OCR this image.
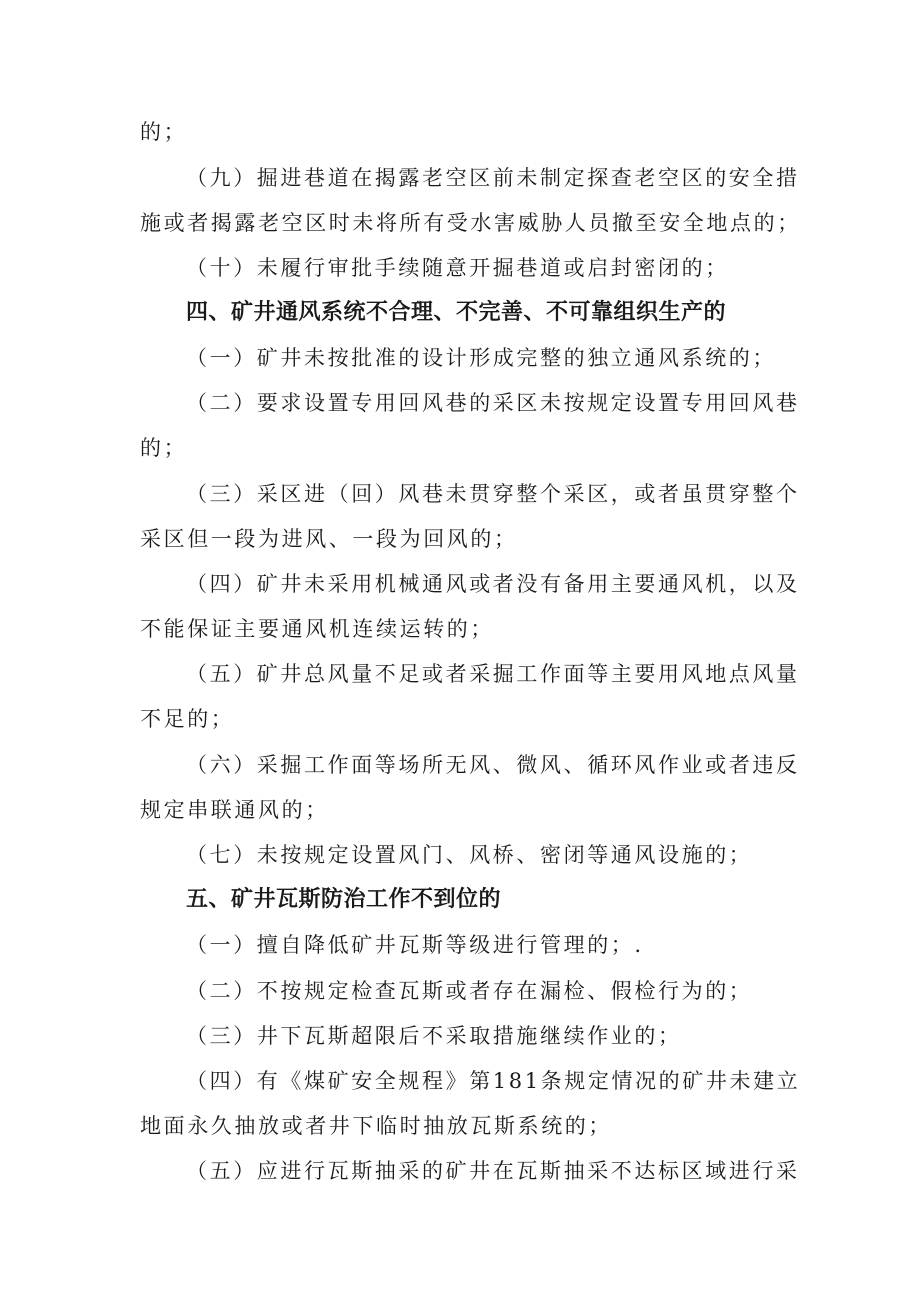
的；
（九）掘进巷道在揭露老空区前未制定探查老空区的安全措
施或者揭露老空区时未将所有受水害威胁人员撤至安全地点的；
（十）未履行审批手续随意开掘巷道或启封密闭的；
四、矿井通风系统不合理、不完善、不可靠组织生产的
（一）矿井未按批准的设计形成完整的独立通风系统的；
（二）要求设置专用回风巷的采区未按规定设置专用回风巷
的；
（三）采区进（回）风巷未贯穿整个采区，或者虽贯穿整个
采区但一段为进风、一段为回风的；
（四）矿井未采用机械通风或者没有备用主要通风机，以及
不能保证主要通风机连续运转的；
（五）矿井总风量不足或者采掘工作面等主要用风地点风量
不足的；
（六）采掘工作面等场所无风、微风、循环风作业或者违反
规定串联通风的；
（七）未按规定设置风门、风桥、密闭等通风设施的；
五、矿井瓦斯防治工作不到位的
（一）擅自降低矿井瓦斯等级进行管理的；.
（二）不按规定检查瓦斯或者存在漏检、假检行为的；
（三）井下瓦斯超限后不采取措施继续作业的；
（四）有《煤矿安全规程》第181条规定情况的矿井未建立
地面永久抽放或者井下临时抽放瓦斯系统的；
（五）应进行瓦斯抽采的矿井在瓦斯抽采不达标区域进行采
